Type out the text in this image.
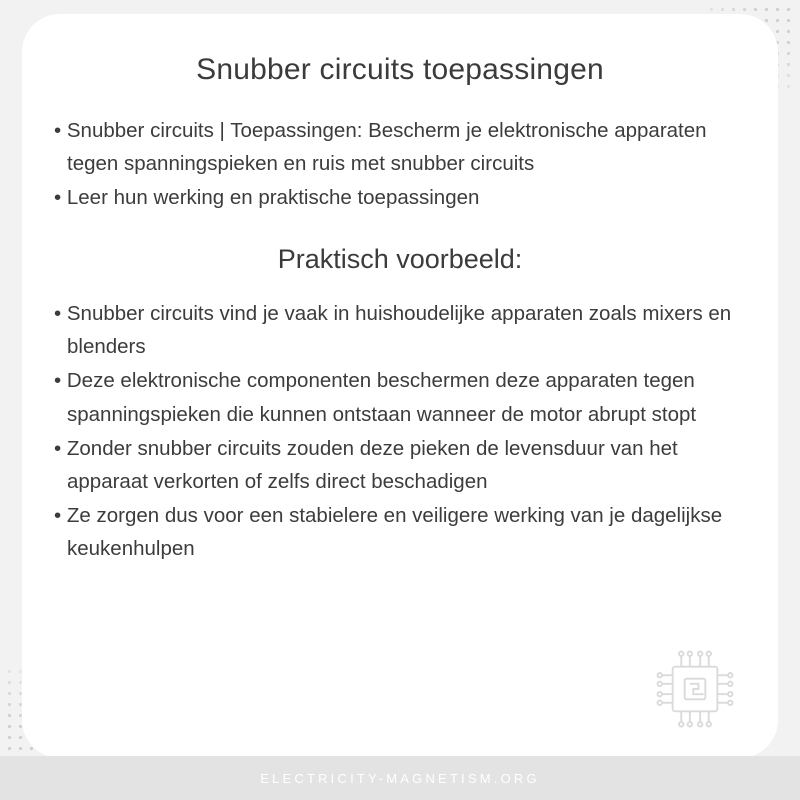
Snubber circuits toepassingen
• Snubber circuits | Toepassingen: Bescherm je elektronische apparaten tegen spanningspieken en ruis met snubber circuits
• Leer hun werking en praktische toepassingen
Praktisch voorbeeld:
• Snubber circuits vind je vaak in huishoudelijke apparaten zoals mixers en blenders
• Deze elektronische componenten beschermen deze apparaten tegen spanningspieken die kunnen ontstaan wanneer de motor abrupt stopt
• Zonder snubber circuits zouden deze pieken de levensduur van het apparaat verkorten of zelfs direct beschadigen
• Ze zorgen dus voor een stabielere en veiligere werking van je dagelijkse keukenhulpen
ELECTRICITY-MAGNETISM.ORG
